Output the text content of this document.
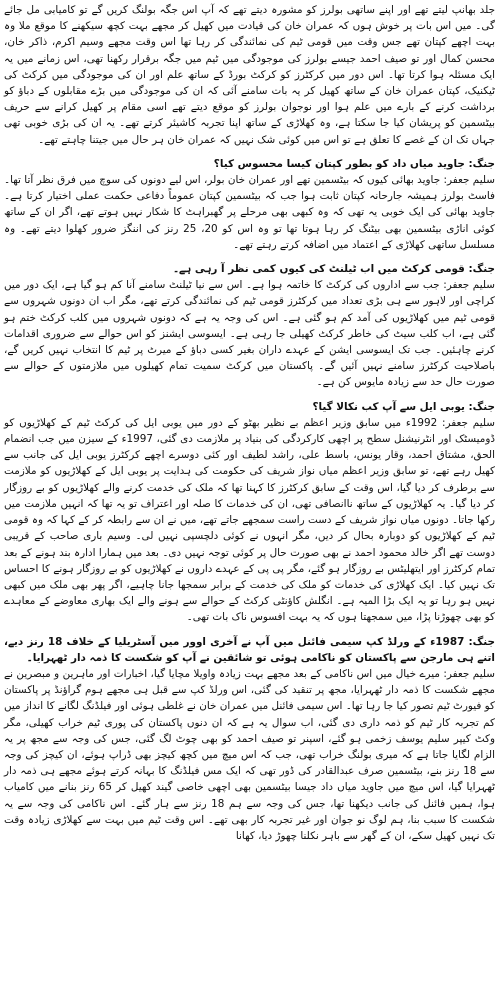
جلد بھانپ لیتے تھے اور اپنے ساتھی بولرز کو مشورہ دیتے تھے کہ آپ اس جگہ بولنگ کریں گے تو کامیابی مل جائے گی۔ میں اس بات پر خوش ہوں کہ عمران خان کی قیادت میں کھیل کر مجھے بہت کچھ سیکھنے کا موقع ملا وہ بہت اچھے کپتان تھے جس وقت میں قومی ٹیم کی نمائندگی کر رہا تھا اس وقت مجھے وسیم اکرم، ذاکر خان، محسن کمال اور تو صیف احمد جیسے بولرز کی موجودگی میں ٹیم میں جگہ برقرار رکھنا تھی، اس زمانے میں یہ ایک مسئلہ ہوا کرتا تھا۔ اس دور میں کرکٹرز کو کرکٹ بورڈ کے ساتھ علم اور ان کی موجودگی میں کرکٹ کی ٹیکنیک، کپتان عمران خان کے ساتھ کھیل کر یہ بات سامنے آئی کہ ان کی موجودگی میں بڑے مقابلوں کے دباؤ کو برداشت کرنے کے بارے میں علم ہوا اور نوجوان بولرز کو موقع دیتے تھے اسی مقام پر کھیل کرانے سے حریف بیٹسمین کو پریشان کیا جا سکتا ہے، وہ کھلاڑی کے ساتھ اپنا تجربہ کاشیئر کرتے تھے۔ یہ ان کی بڑی خوبی تھی جہاں تک ان کے غصے کا تعلق ہے تو اس میں کوئی شک نہیں کہ عمران خان ہر حال میں جیتنا چاہتے تھے۔

جنگ: جاوید میاں داد کو بطور کپتان کیسا محسوس کیا؟

سلیم جعفر: جاوید بھائی کیوں کہ بیٹسمین تھے اور عمران خان بولر، اس لیے دونوں کی سوچ میں فرق نظر آتا تھا۔ فاسٹ بولرز ہمیشہ جارحانہ کپتان ثابت ہوا جب کہ بیٹسمین کپتان عموماً دفاعی حکمت عملی اختیار کرتا ہے۔ جاوید بھائی کی ایک خوبی یہ تھی کہ وہ کبھی بھی مرحلے پر گھبراہٹ کا شکار نہیں ہوتے تھے، اگر ان کے ساتھ کوئی اناڑی بیٹسمین بھی بیٹنگ کر رہا ہوتا تھا تو وہ اس کو 20، 25 رنز کی اننگز ضرور کھلوا دیتے تھے۔ وہ مسلسل ساتھی کھلاڑی کے اعتماد میں اضافہ کرتے رہتے تھے۔

جنگ: قومی کرکٹ میں اب ٹیلنٹ کی کیوں کمی نظر آ رہی ہے۔

سلیم جعفر: جب سے اداروں کی کرکٹ کا خاتمہ ہوا ہے۔ اس سے نیا ٹیلنٹ سامنے آنا کم ہو گیا ہے، ایک دور میں کراچی اور لاہور سے ہی بڑی تعداد میں کرکٹرز قومی ٹیم کی نمائندگی کرتے تھے، مگر اب ان دونوں شہروں سے قومی ٹیم میں کھلاڑیوں کی آمد کم ہو گئی ہے۔ اس کی وجہ یہ ہے کہ دونوں شہروں میں کلب کرکٹ ختم ہو گئی ہے، اب کلب سیٹ کی خاطر کرکٹ کھیلی جا رہی ہے۔ ایسوسی ایشنز کو اس حوالے سے ضروری اقدامات کرنے چاہئیں۔ جب تک ایسوسی ایشن کے عہدے داران بغیر کسی دباؤ کے میرٹ پر ٹیم کا انتخاب نہیں کریں گے، باصلاحیت کرکٹرز سامنے نہیں آئیں گے۔ پاکستان میں کرکٹ سمیت تمام کھیلوں میں ملازمتوں کے حوالے سے صورت حال حد سے زیادہ مایوس کن ہے۔

جنگ: یوبی ایل سے آپ کب نکالا گیا؟

سلیم جعفر: 1992ء میں سابق وزیر اعظم بے نظیر بھٹو کے دور میں یوبی ایل کی کرکٹ ٹیم کے کھلاڑیوں کو ڈومیسٹک اور انٹرنیشنل سطح پر اچھی کارکردگی کی بنیاد پر ملازمت دی گئی، 1997ء کے سیزن میں جب انضمام الحق، مشتاق احمد، وقار یونس، باسط علی، راشد لطیف اور کئی دوسرے اچھے کرکٹرز یوبی ایل کی جانب سے کھیل رہے تھے، تو سابق وزیر اعظم میاں نواز شریف کی حکومت کی ہدایت پر یوبی ایل کے کھلاڑیوں کو ملازمت سے برطرف کر دیا گیا، اس وقت کے سابق کرکٹرز کا کہنا تھا کہ ملک کی خدمت کرنے والے کھلاڑیوں کو بے روزگار کر دیا گیا۔ یہ کھلاڑیوں کے ساتھ ناانصافی تھی، ان کی خدمات کا صلہ اور اعتراف تو یہ تھا کہ انہیں ملازمت میں رکھا جاتا۔ دونوں میاں نواز شریف کے دست راست سمجھے جاتے تھے، میں نے ان سے رابطہ کر کے کہا کہ وہ قومی ٹیم کے کھلاڑیوں کو دوبارہ بحال کر دیں، مگر انہوں نے کوئی دلچسپی نہیں لی۔ وسیم باری صاحب کے قریبی دوست تھے اگر خالد محمود احمد نے بھی صورت حال پر کوئی توجہ نہیں دی۔ بعد میں ہمارا ادارہ بند ہونے کے بعد تمام کرکٹرز اور ایتھلیٹس بے روزگار ہو گئے، مگر پی پی کے عہدے داروں نے کھلاڑیوں کو بے روزگار ہونے کا احساس تک نہیں کیا۔ ایک کھلاڑی کی خدمات کو ملک کی خدمت کے برابر سمجھا جانا چاہیے، اگر پھر بھی ملک میں کبھی نہیں ہو رہا تو یہ ایک بڑا المیہ ہے۔ انگلش کاؤنٹی کرکٹ کے حوالے سے ہونے والے ایک بھاری معاوضے کے معاہدے کو بھی چھوڑنا پڑا، میں سمجھتا ہوں کہ یہ بہت افسوس ناک بات تھی۔

جنگ: 1987ء کے ورلڈ کپ سیمی فائنل میں آپ نے آخری اوور میں آسٹریلیا کے خلاف 18 رنز دیے، اتنے ہی مارجن سے پاکستان کو ناکامی ہوئی تو شائقین نے آپ کو شکست کا ذمہ دار ٹھہرایا۔

سلیم جعفر: میرے خیال میں اس ناکامی کے بعد مجھے بہت زیادہ واویلا مچایا گیا، اخبارات اور ماہرین و مبصرین نے مجھے شکست کا ذمہ دار ٹھہرایا، مجھ پر تنقید کی گئی، اس ورلڈ کپ سے قبل ہی مجھے ہوم گراؤنڈ پر پاکستان کو فیورٹ ٹیم تصور کیا جا رہا تھا۔ اس سیمی فائنل میں عمران خان نے غلطی ہوئی اور فیلڈنگ لگانے کا انداز میں کم تجربہ کار ٹیم کو ذمہ داری دی گئی، اب سوال یہ ہے کہ ان دنوں پاکستان کی پوری ٹیم خراب کھیلی، مگر وکٹ کیپر سلیم یوسف زخمی ہو گئے، اسپنر تو صیف احمد کو بھی چوٹ لگ گئی، جس کی وجہ سے مجھ پر یہ الزام لگایا جاتا ہے کہ میری بولنگ خراب تھی، جب کہ اس میچ میں کچھ کیچز بھی ڈراپ ہوئے، ان کیچز کی وجہ سے 18 رنز بنے، بیٹسمین صرف عبدالقادر کی ڈور تھی کہ ایک مس فیلڈنگ کا بہانہ کرتے ہوئے مجھے ہی ذمہ دار ٹھہرایا گیا، اس میچ میں جاوید میاں داد جیسا بیٹسمین بھی اچھی خاصی گیند کھیل کر 65 رنز بنانے میں کامیاب ہوا، ہمیں فائنل کی جانب دیکھنا تھا، جس کی وجہ سے ہم 18 رنز سے ہار گئے۔ اس ناکامی کی وجہ سے یہ شکست کا سبب بنا، ہم لوگ نو جوان اور غیر تجربہ کار بھی تھے۔ اس وقت ٹیم میں بہت سے کھلاڑی زیادہ وقت تک نہیں کھیل سکے، ان کے گھر سے باہر نکلنا چھوڑ دیا، کھانا
